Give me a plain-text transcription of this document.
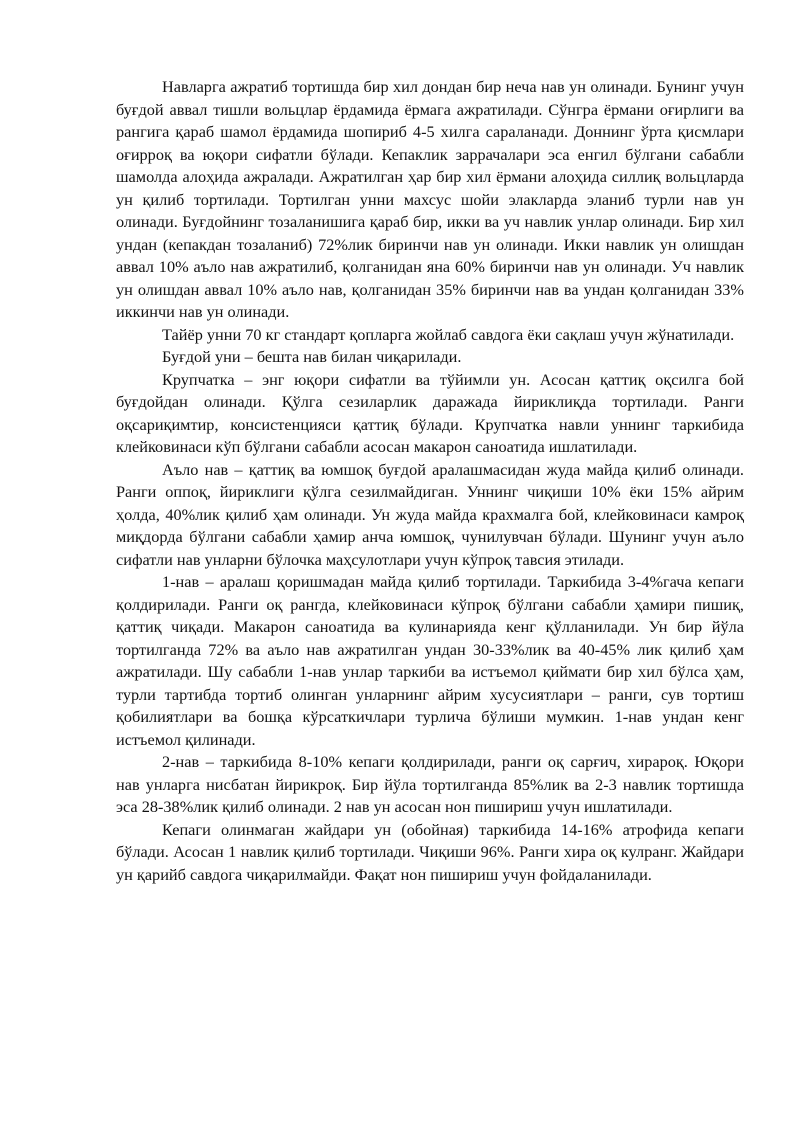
Навларга ажратиб тортишда бир хил дондан бир неча нав ун олинади. Бунинг учун буғдой аввал тишли вольцлар ёрдамида ёрмага ажратилади. Сўнгра ёрмани оғирлиги ва рангига қараб шамол ёрдамида шопириб 4-5 хилга сараланади. Доннинг ўрта қисмлари оғирроқ ва юқори сифатли бўлади. Кепаклик заррачалари эса енгил бўлгани сабабли шамолда алоҳида ажралади. Ажратилган ҳар бир хил ёрмани алоҳида силлиқ вольцларда ун қилиб тортилади. Тортилган унни махсус шойи элакларда эланиб турли нав ун олинади. Буғдойнинг тозаланишига қараб бир, икки ва уч навлик унлар олинади. Бир хил ундан (кепакдан тозаланиб) 72%лик биринчи нав ун олинади. Икки навлик ун олишдан аввал 10% аъло нав ажратилиб, қолганидан яна 60% биринчи нав ун олинади. Уч навлик ун олишдан аввал 10% аъло нав, қолганидан 35% биринчи нав ва ундан қолганидан 33% иккинчи нав ун олинади.

Тайёр унни 70 кг стандарт қопларга жойлаб савдога ёки сақлаш учун жўнатилади.

Буғдой уни – бешта нав билан чиқарилади.

Крупчатка – энг юқори сифатли ва тўйимли ун. Асосан қаттиқ оқсилга бой буғдойдан олинади. Қўлга сезиларлик даражада йириклиқда тортилади. Ранги оқсариқимтир, консистенцияси қаттиқ бўлади. Крупчатка навли уннинг таркибида клейковинаси кўп бўлгани сабабли асосан макарон саноатида ишлатилади.

Аъло нав – қаттиқ ва юмшоқ буғдой аралашмасидан жуда майда қилиб олинади. Ранги оппоқ, йириклиги қўлга сезилмайдиган. Уннинг чиқиши 10% ёки 15% айрим ҳолда, 40%лик қилиб ҳам олинади. Ун жуда майда крахмалга бой, клейковинаси камроқ миқдорда бўлгани сабабли ҳамир анча юмшоқ, чунилувчан бўлади. Шунинг учун аъло сифатли нав унларни бўлочка маҳсулотлари учун кўпроқ тавсия этилади.

1-нав – аралаш қоришмадан майда қилиб тортилади. Таркибида 3-4%гача кепаги қолдирилади. Ранги оқ рангда, клейковинаси кўпроқ бўлгани сабабли ҳамири пишиқ, қаттиқ чиқади. Макарон саноатида ва кулинарияда кенг қўлланилади. Ун бир йўла тортилганда 72% ва аъло нав ажратилган ундан 30-33%лик ва 40-45% лик қилиб ҳам ажратилади. Шу сабабли 1-нав унлар таркиби ва истъемол қиймати бир хил бўлса ҳам, турли тартибда тортиб олинган унларнинг айрим хусусиятлари – ранги, сув тортиш қобилиятлари ва бошқа кўрсаткичлари турлича бўлиши мумкин. 1-нав ундан кенг истъемол қилинади.

2-нав – таркибида 8-10% кепаги қолдирилади, ранги оқ сарғич, хирароқ. Юқори нав унларга нисбатан йирикроқ. Бир йўла тортилганда 85%лик ва 2-3 навлик тортишда эса 28-38%лик қилиб олинади. 2 нав ун асосан нон пишириш учун ишлатилади.

Кепаги олинмаган жайдари ун (обойная) таркибида 14-16% атрофида кепаги бўлади. Асосан 1 навлик қилиб тортилади. Чиқиши 96%. Ранги хира оқ кулранг. Жайдари ун қарийб савдога чиқарилмайди. Фақат нон пишириш учун фойдаланилади.
